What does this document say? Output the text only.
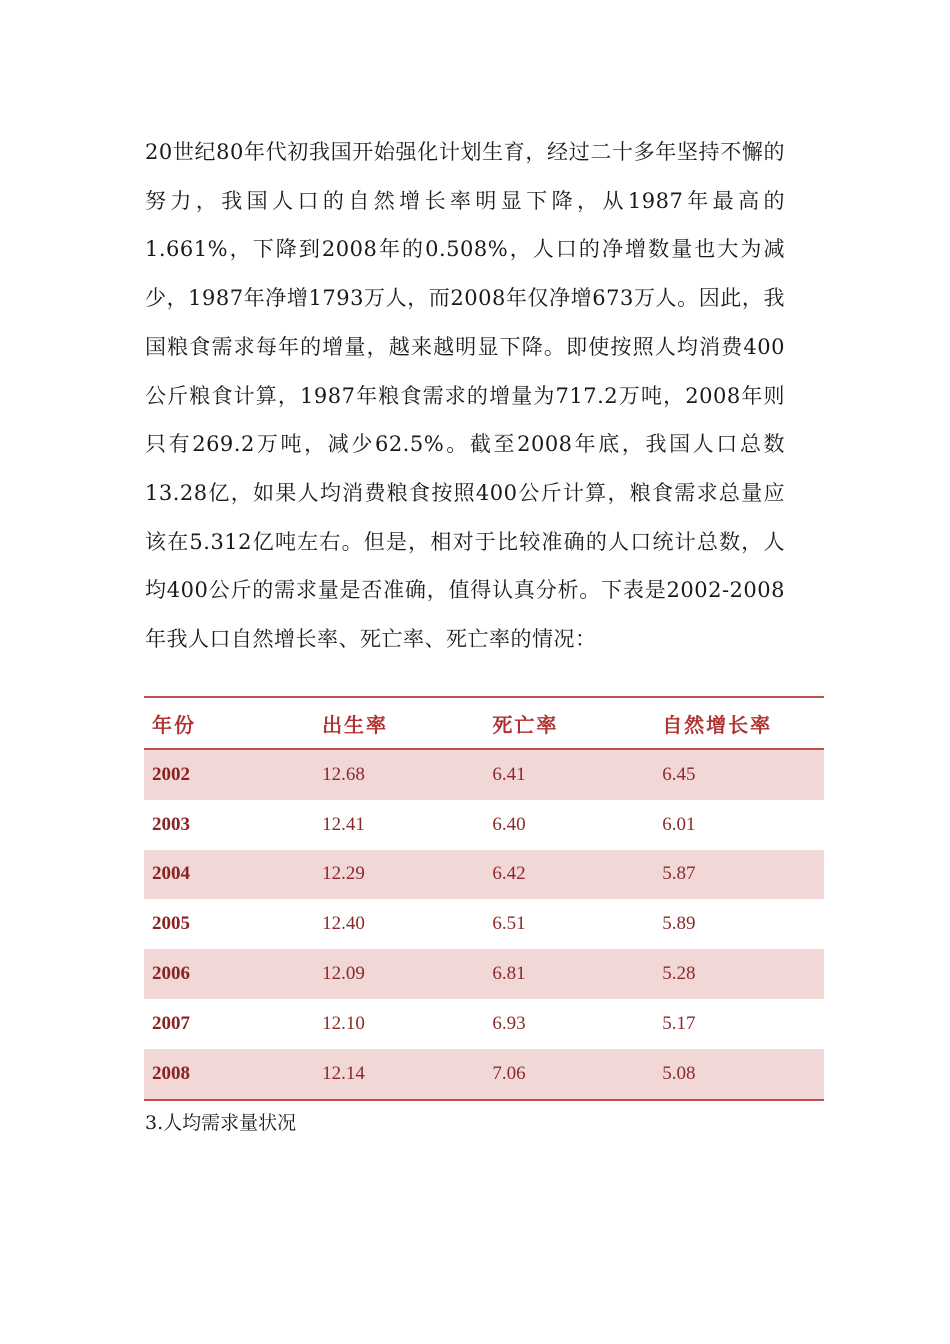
20世纪80年代初我国开始强化计划生育，经过二十多年坚持不懈的努力，我国人口的自然增长率明显下降，从1987年最高的1.661%，下降到2008年的0.508%，人口的净增数量也大为减少，1987年净增1793万人，而2008年仅净增673万人。因此，我国粮食需求每年的增量，越来越明显下降。即使按照人均消费400公斤粮食计算，1987年粮食需求的增量为717.2万吨，2008年则只有269.2万吨，减少62.5%。截至2008年底，我国人口总数13.28亿，如果人均消费粮食按照400公斤计算，粮食需求总量应该在5.312亿吨左右。但是，相对于比较准确的人口统计总数，人均400公斤的需求量是否准确，值得认真分析。下表是2002-2008年我人口自然增长率、死亡率、死亡率的情况：

年份	出生率	死亡率	自然增长率
2002	12.68	6.41	6.45
2003	12.41	6.40	6.01
2004	12.29	6.42	5.87
2005	12.40	6.51	5.89
2006	12.09	6.81	5.28
2007	12.10	6.93	5.17
2008	12.14	7.06	5.08
3.人均需求量状况
